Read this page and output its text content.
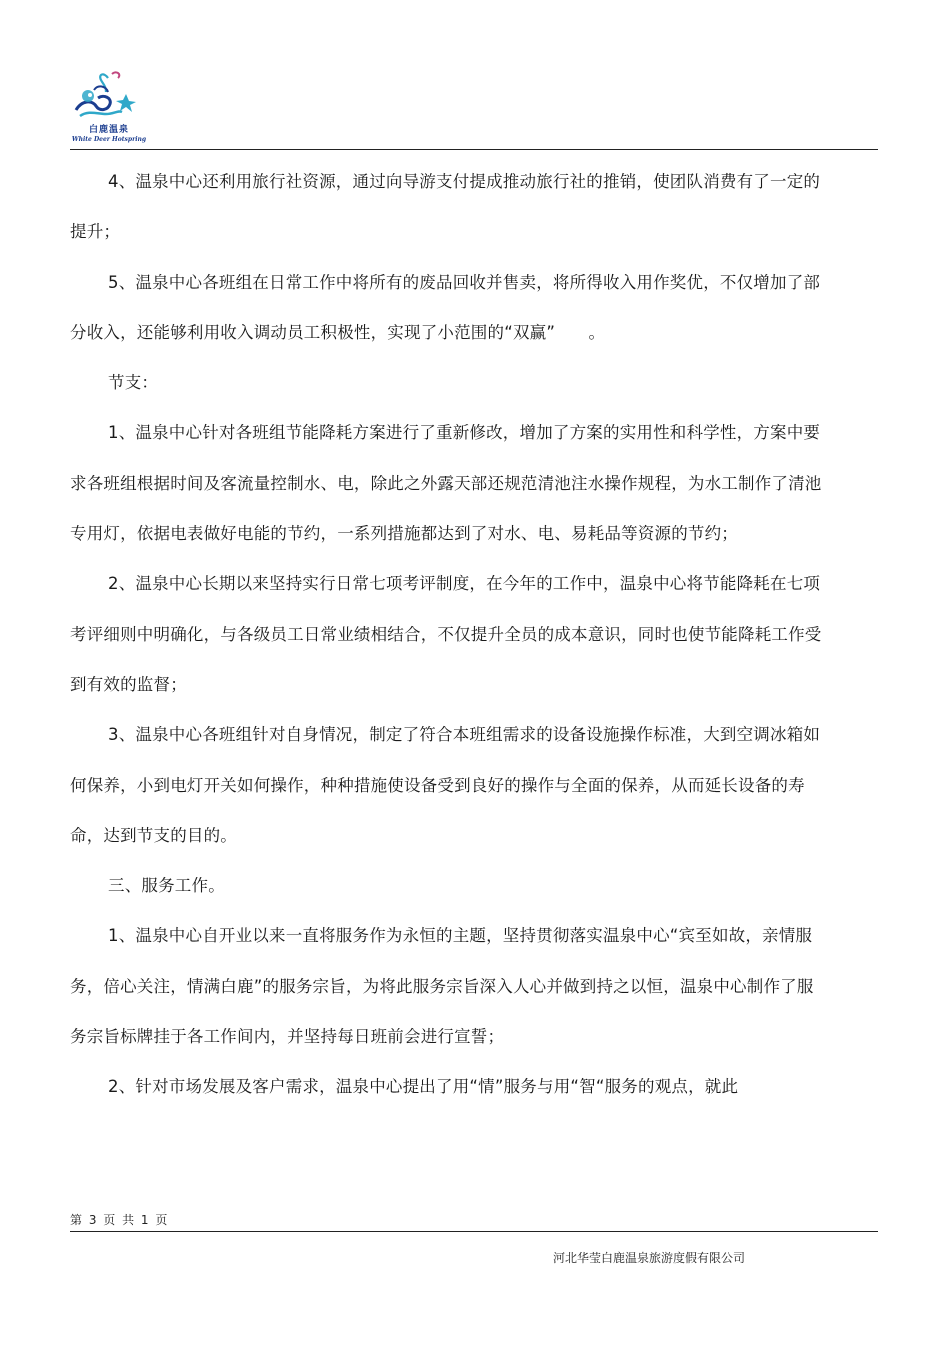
白鹿温泉
White Deer Hotspring

4、温泉中心还利用旅行社资源，通过向导游支付提成推动旅行社的推销，使团队消费有了一定的提升；

5、温泉中心各班组在日常工作中将所有的废品回收并售卖，将所得收入用作奖优，不仅增加了部分收入，还能够利用收入调动员工积极性，实现了小范围的“双赢”　　。

节支：

1、温泉中心针对各班组节能降耗方案进行了重新修改，增加了方案的实用性和科学性，方案中要求各班组根据时间及客流量控制水、电，除此之外露天部还规范清池注水操作规程，为水工制作了清池专用灯，依据电表做好电能的节约，一系列措施都达到了对水、电、易耗品等资源的节约；

2、温泉中心长期以来坚持实行日常七项考评制度，在今年的工作中，温泉中心将节能降耗在七项考评细则中明确化，与各级员工日常业绩相结合，不仅提升全员的成本意识，同时也使节能降耗工作受到有效的监督；

3、温泉中心各班组针对自身情况，制定了符合本班组需求的设备设施操作标准，大到空调冰箱如何保养，小到电灯开关如何操作，种种措施使设备受到良好的操作与全面的保养，从而延长设备的寿命，达到节支的目的。

三、服务工作。

1、温泉中心自开业以来一直将服务作为永恒的主题，坚持贯彻落实温泉中心“宾至如故，亲情服务，倍心关注，情满白鹿”的服务宗旨，为将此服务宗旨深入人心并做到持之以恒，温泉中心制作了服务宗旨标牌挂于各工作间内，并坚持每日班前会进行宣誓；

2、针对市场发展及客户需求，温泉中心提出了用“情”服务与用“智“服务的观点，就此

第 3 页 共 1 页
河北华莹白鹿温泉旅游度假有限公司
